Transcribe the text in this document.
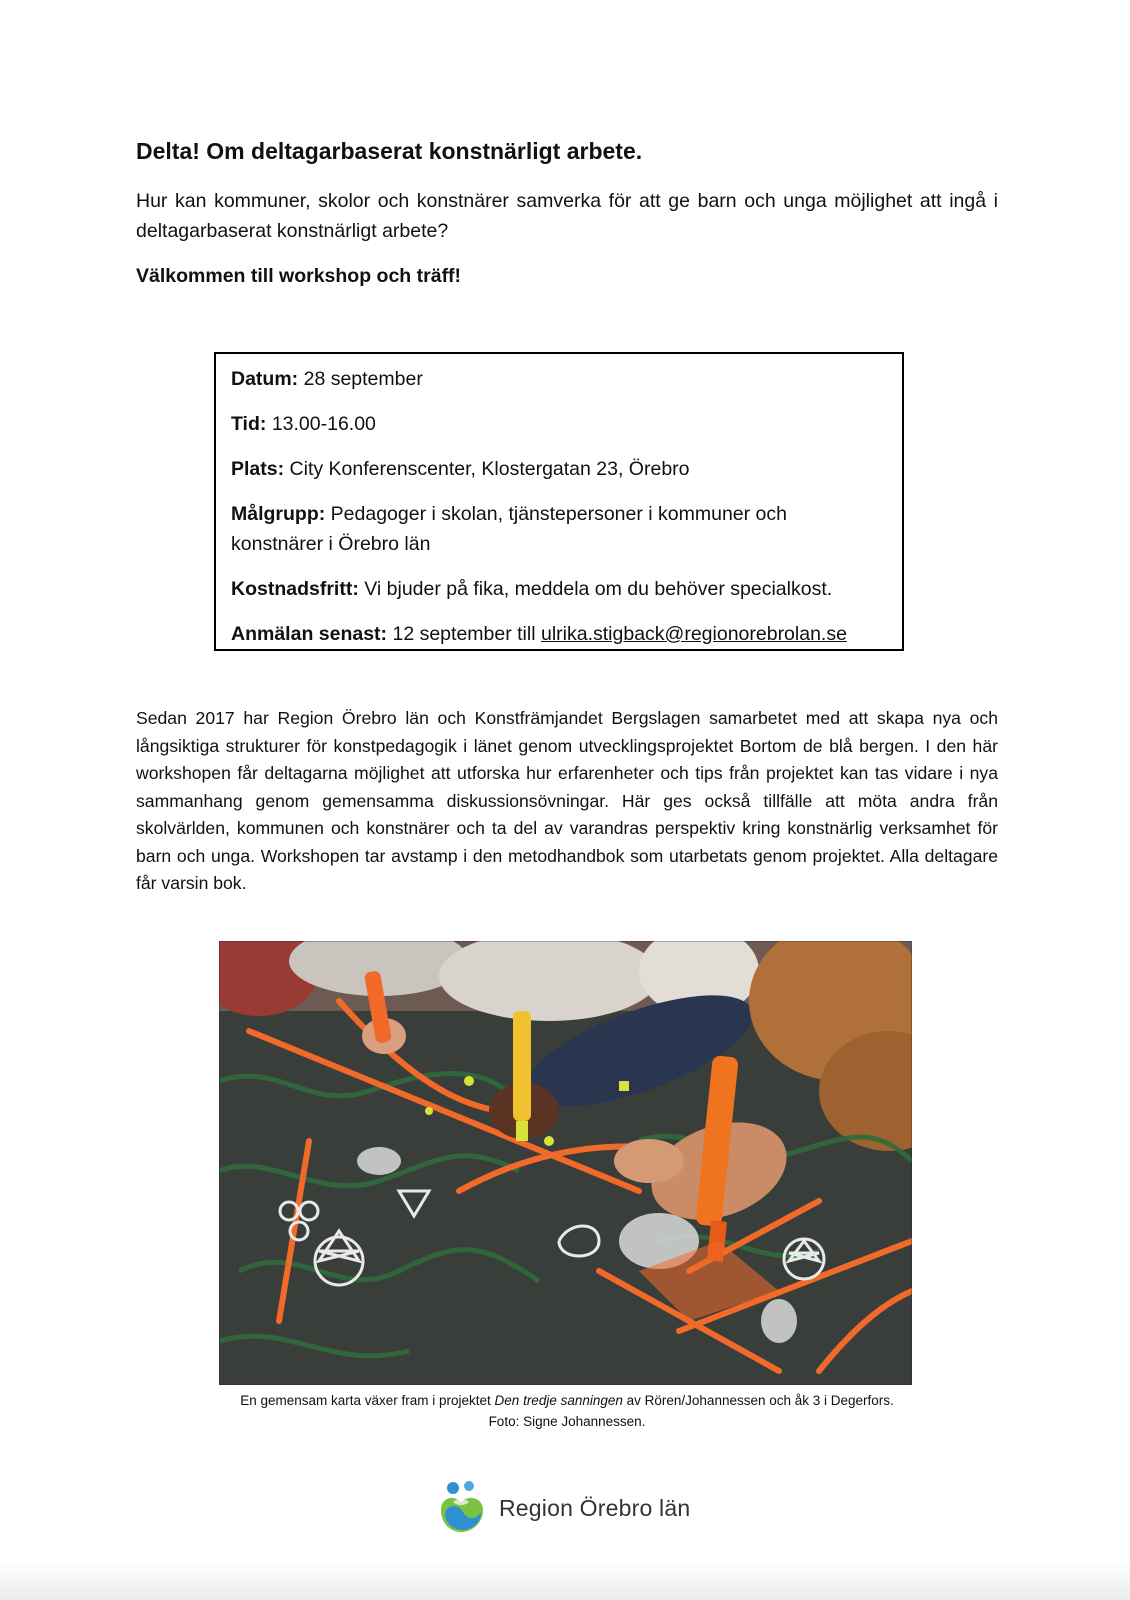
Delta! Om deltagarbaserat konstnärligt arbete.

Hur kan kommuner, skolor och konstnärer samverka för att ge barn och unga möjlighet att ingå i deltagarbaserat konstnärligt arbete?

Välkommen till workshop och träff!

Datum: 28 september

Tid: 13.00-16.00

Plats: City Konferenscenter, Klostergatan 23, Örebro

Målgrupp: Pedagoger i skolan, tjänstepersoner i kommuner och konstnärer i Örebro län

Kostnadsfritt: Vi bjuder på fika, meddela om du behöver specialkost.

Anmälan senast: 12 september till ulrika.stigback@regionorebrolan.se

Sedan 2017 har Region Örebro län och Konstfrämjandet Bergslagen samarbetet med att skapa nya och långsiktiga strukturer för konstpedagogik i länet genom utvecklingsprojektet Bortom de blå bergen. I den här workshopen får deltagarna möjlighet att utforska hur erfarenheter och tips från projektet kan tas vidare i nya sammanhang genom gemensamma diskussionsövningar. Här ges också tillfälle att möta andra från skolvärlden, kommunen och konstnärer och ta del av varandras perspektiv kring konstnärlig verksamhet för barn och unga. Workshopen tar avstamp i den metodhandbok som utarbetats genom projektet. Alla deltagare får varsin bok.

En gemensam karta växer fram i projektet Den tredje sanningen av Rören/Johannessen och åk 3 i Degerfors.
Foto: Signe Johannessen.

Region Örebro län
